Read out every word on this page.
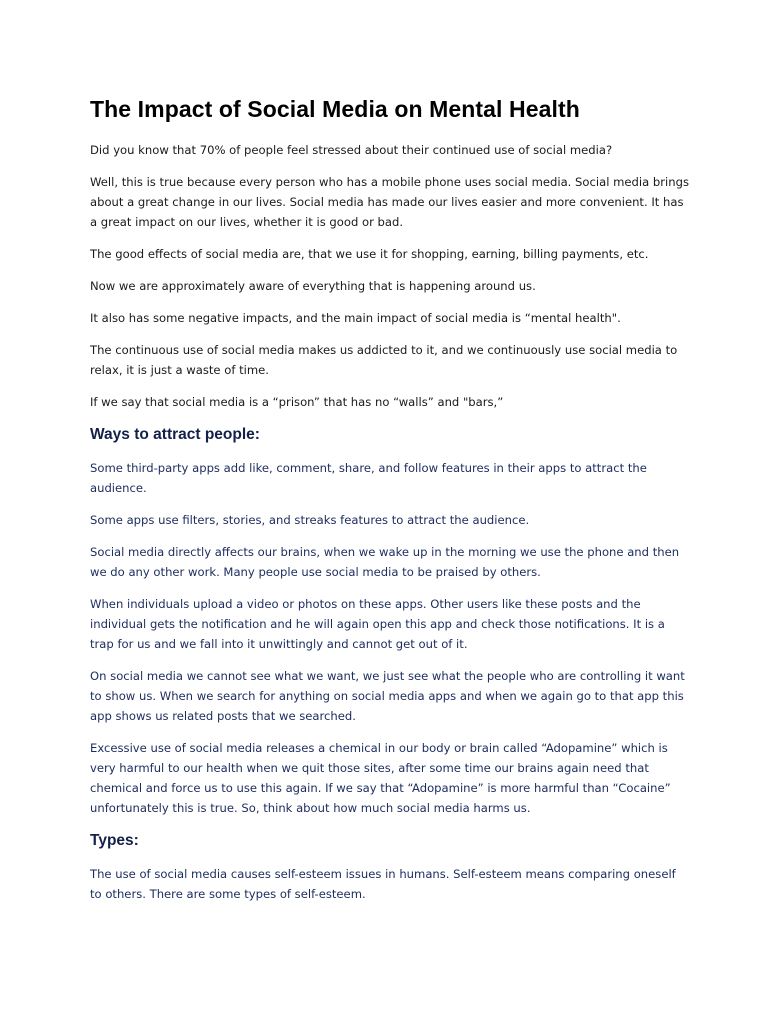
The Impact of Social Media on Mental Health

Did you know that 70% of people feel stressed about their continued use of social media?

Well, this is true because every person who has a mobile phone uses social media. Social media brings about a great change in our lives. Social media has made our lives easier and more convenient. It has a great impact on our lives, whether it is good or bad.

The good effects of social media are, that we use it for shopping, earning, billing payments, etc.

Now we are approximately aware of everything that is happening around us.

It also has some negative impacts, and the main impact of social media is “mental health".

The continuous use of social media makes us addicted to it, and we continuously use social media to relax, it is just a waste of time.

If we say that social media is a “prison” that has no “walls” and "bars,”

Ways to attract people:

Some third-party apps add like, comment, share, and follow features in their apps to attract the audience.

Some apps use filters, stories, and streaks features to attract the audience.

Social media directly affects our brains, when we wake up in the morning we use the phone and then we do any other work. Many people use social media to be praised by others.

When individuals upload a video or photos on these apps. Other users like these posts and the individual gets the notification and he will again open this app and check those notifications. It is a trap for us and we fall into it unwittingly and cannot get out of it.

On social media we cannot see what we want, we just see what the people who are controlling it want to show us. When we search for anything on social media apps and when we again go to that app this app shows us related posts that we searched.

Excessive use of social media releases a chemical in our body or brain called “Adopamine” which is very harmful to our health when we quit those sites, after some time our brains again need that chemical and force us to use this again. If we say that “Adopamine” is more harmful than “Cocaine” unfortunately this is true. So, think about how much social media harms us.

Types:

The use of social media causes self-esteem issues in humans. Self-esteem means comparing oneself to others. There are some types of self-esteem.
